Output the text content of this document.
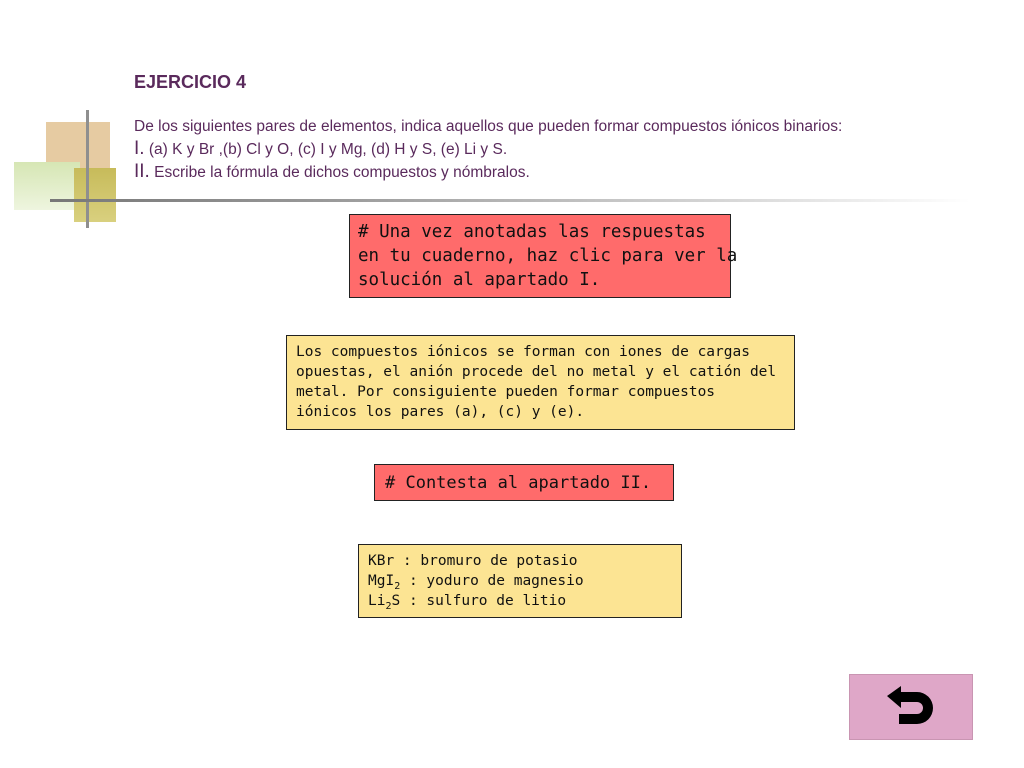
EJERCICIO 4
De los siguientes pares de elementos, indica aquellos que pueden formar compuestos iónicos binarios:
I. (a) K y Br ,(b) Cl y O, (c) I y Mg, (d) H y S, (e) Li y S.
II. Escribe la fórmula de dichos compuestos y nómbralos.
# Una vez anotadas las respuestas
en tu cuaderno, haz clic para ver la
solución al apartado I.
Los compuestos iónicos se forman con iones de cargas
opuestas, el anión procede del no metal y el catión del
metal. Por consiguiente pueden formar compuestos
iónicos los pares (a), (c) y (e).
# Contesta al apartado II.
KBr : bromuro de potasio
MgI$_2$ : yoduro de magnesio
$Li_2S$ : sulfuro de litio
